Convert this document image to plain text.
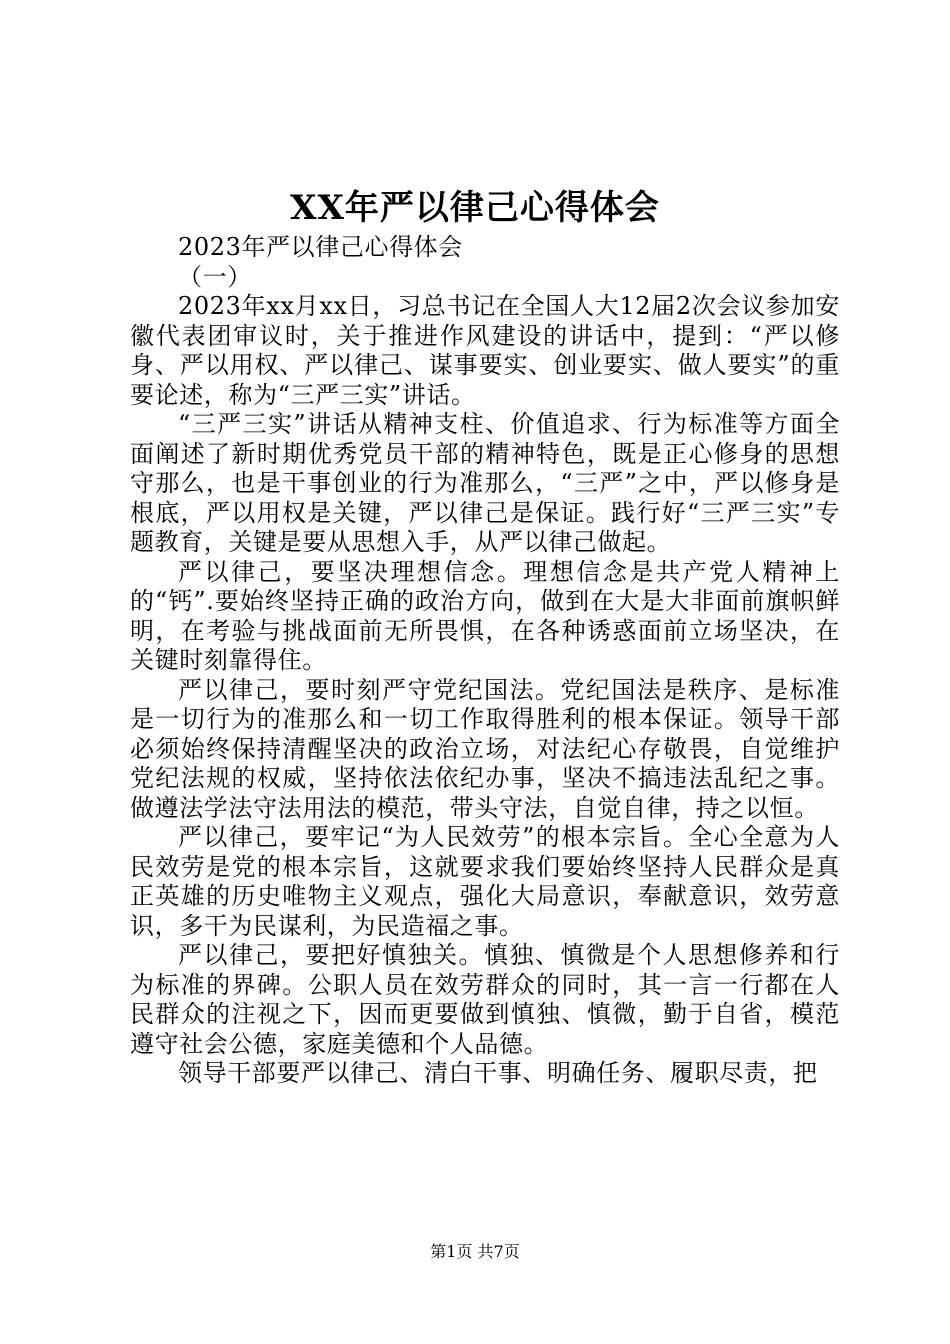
XX年严以律己心得体会

2023年严以律己心得体会

（一）

2023年xx月xx日，习总书记在全国人大12届2次会议参加安徽代表团审议时，关于推进作风建设的讲话中，提到：“严以修身、严以用权、严以律己、谋事要实、创业要实、做人要实”的重要论述，称为“三严三实”讲话。

“三严三实”讲话从精神支柱、价值追求、行为标准等方面全面阐述了新时期优秀党员干部的精神特色，既是正心修身的思想守那么，也是干事创业的行为准那么，“三严”之中，严以修身是根底，严以用权是关键，严以律己是保证。践行好“三严三实”专题教育，关键是要从思想入手，从严以律己做起。

严以律己，要坚决理想信念。理想信念是共产党人精神上的“钙”.要始终坚持正确的政治方向，做到在大是大非面前旗帜鲜明，在考验与挑战面前无所畏惧，在各种诱惑面前立场坚决，在关键时刻靠得住。

严以律己，要时刻严守党纪国法。党纪国法是秩序、是标准是一切行为的准那么和一切工作取得胜利的根本保证。领导干部必须始终保持清醒坚决的政治立场，对法纪心存敬畏，自觉维护党纪法规的权威，坚持依法依纪办事，坚决不搞违法乱纪之事。做遵法学法守法用法的模范，带头守法，自觉自律，持之以恒。

严以律己，要牢记“为人民效劳”的根本宗旨。全心全意为人民效劳是党的根本宗旨，这就要求我们要始终坚持人民群众是真正英雄的历史唯物主义观点，强化大局意识，奉献意识，效劳意识，多干为民谋利，为民造福之事。

严以律己，要把好慎独关。慎独、慎微是个人思想修养和行为标准的界碑。公职人员在效劳群众的同时，其一言一行都在人民群众的注视之下，因而更要做到慎独、慎微，勤于自省，模范遵守社会公德，家庭美德和个人品德。

领导干部要严以律己、清白干事、明确任务、履职尽责，把

第1页 共7页
